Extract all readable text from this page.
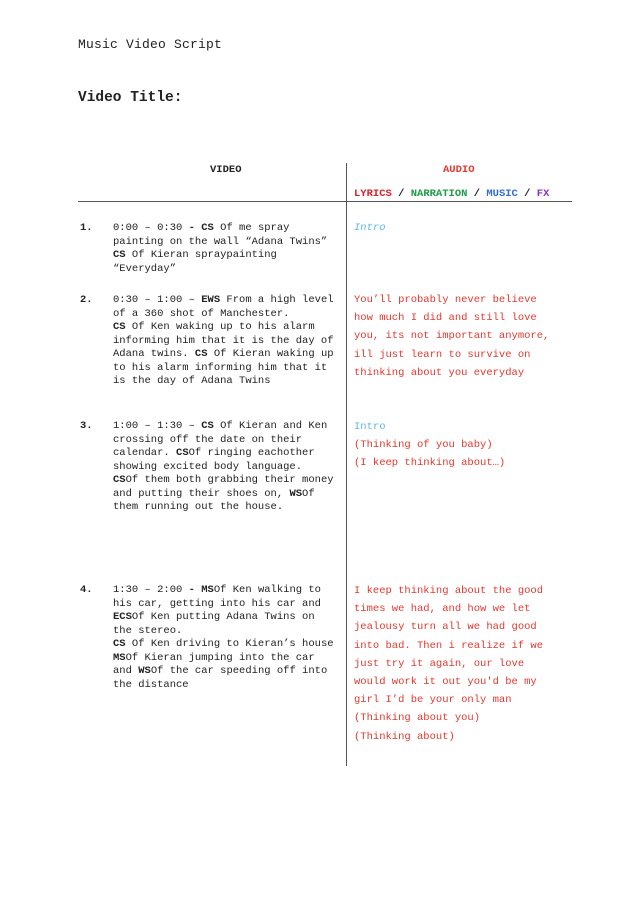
Music Video Script
Video Title:
VIDEO	AUDIO
LYRICS / NARRATION / MUSIC / FX
1. 0:00 – 0:30 - CS Of me spray
painting on the wall “Adana Twins”
CS Of Kieran spraypainting
“Everyday”
Intro
2. 0:30 – 1:00 – EWS From a high level
of a 360 shot of Manchester.
CS Of Ken waking up to his alarm
informing him that it is the day of
Adana twins. CS Of Kieran waking up
to his alarm informing him that it
is the day of Adana Twins
You’ll probably never believe
how much I did and still love
you, its not important anymore,
ill just learn to survive on
thinking about you everyday
3. 1:00 – 1:30 – CS Of Kieran and Ken
crossing off the date on their
calendar. CSOf ringing eachother
showing excited body language.
CSOf them both grabbing their money
and putting their shoes on, WSOf
them running out the house.
Intro
(Thinking of you baby)
(I keep thinking about…)
4. 1:30 – 2:00 - MSOf Ken walking to
his car, getting into his car and
ECSOf Ken putting Adana Twins on
the stereo.
CS Of Ken driving to Kieran’s house
MSOf Kieran jumping into the car
and WSOf the car speeding off into
the distance
I keep thinking about the good
times we had, and how we let
jealousy turn all we had good
into bad. Then i realize if we
just try it again, our love
would work it out you'd be my
girl I’d be your only man
(Thinking about you)
(Thinking about)
